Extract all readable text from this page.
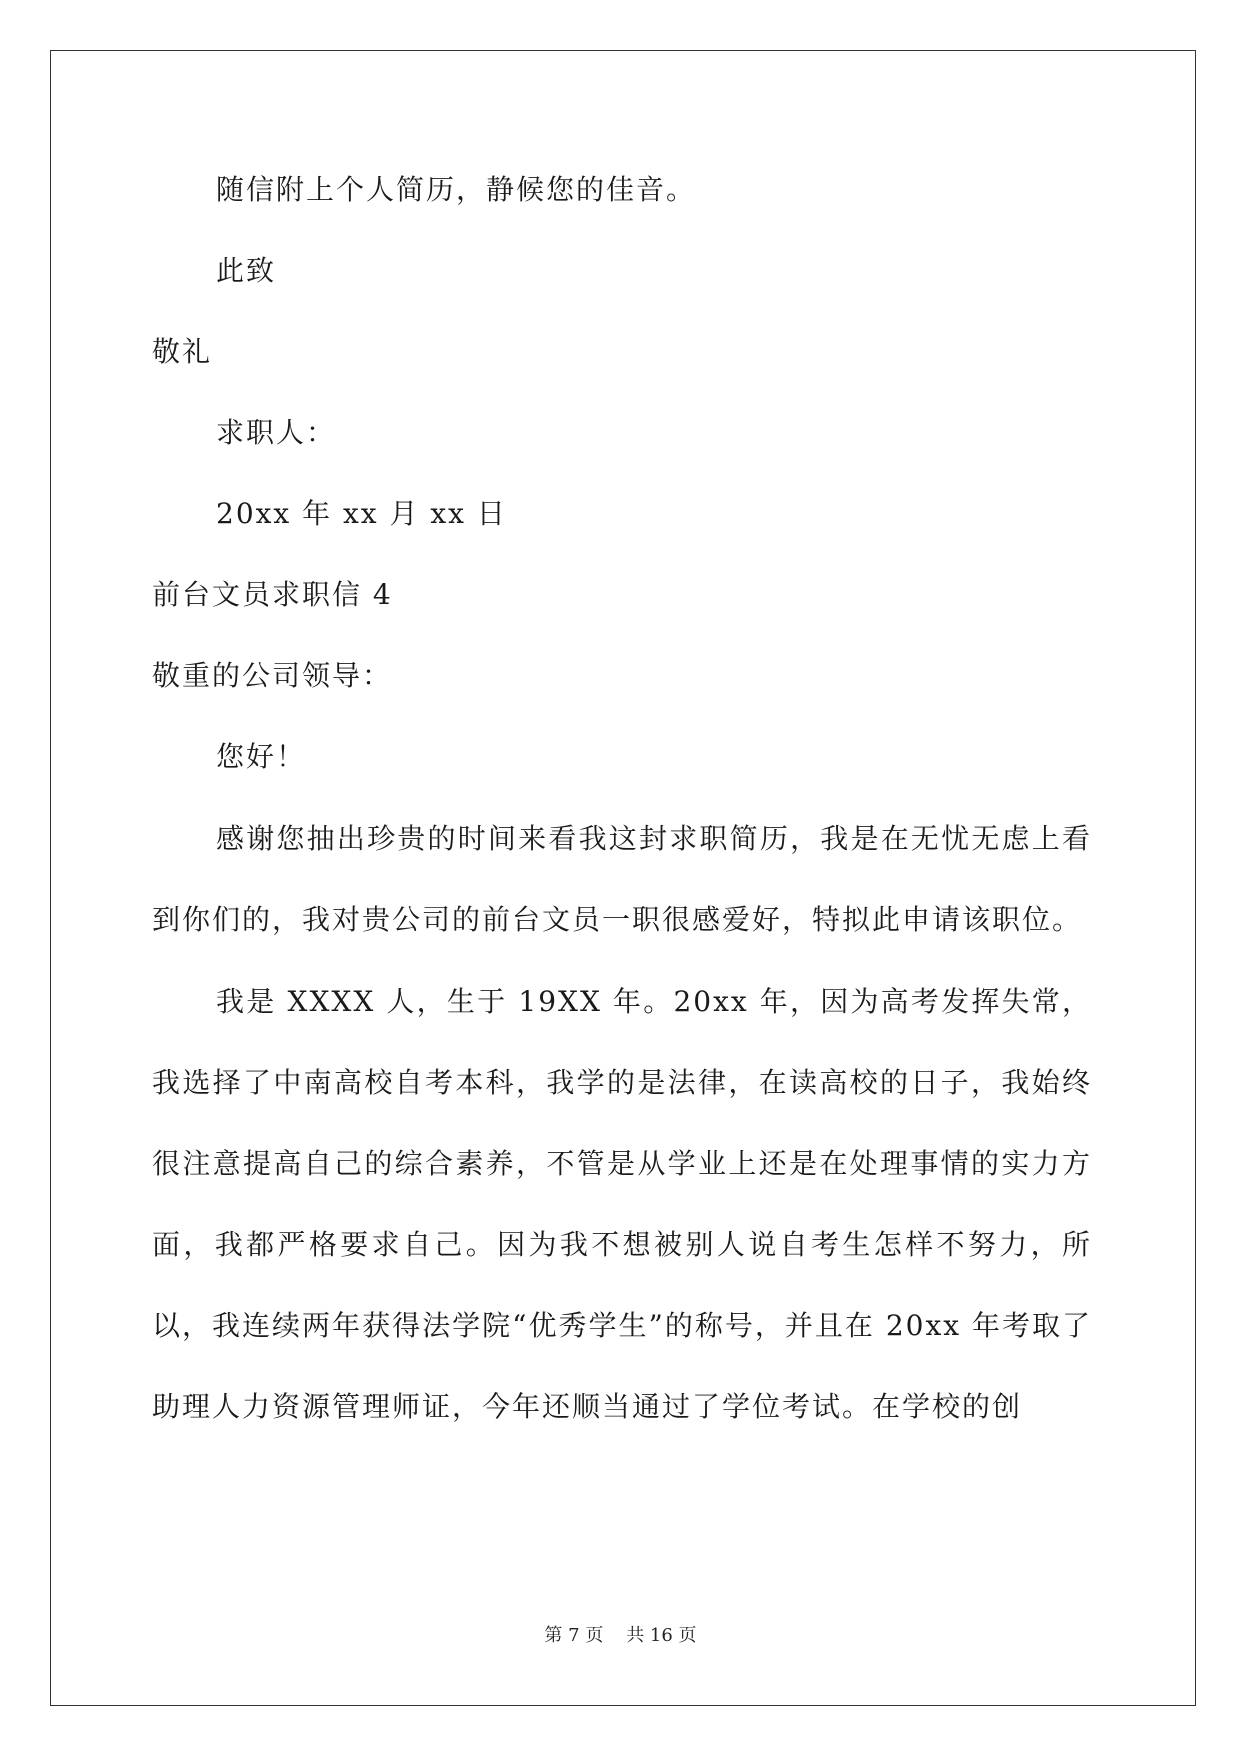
随信附上个人简历，静候您的佳音。
此致
敬礼
求职人：
20xx 年 xx 月 xx 日
前台文员求职信 4
敬重的公司领导：
您好！

感谢您抽出珍贵的时间来看我这封求职简历，我是在无忧无虑上看到你们的，我对贵公司的前台文员一职很感爱好，特拟此申请该职位。

我是 XXXX 人，生于 19XX 年。20xx 年，因为高考发挥失常，我选择了中南高校自考本科，我学的是法律，在读高校的日子，我始终很注意提高自己的综合素养，不管是从学业上还是在处理事情的实力方面，我都严格要求自己。因为我不想被别人说自考生怎样不努力，所以，我连续两年获得法学院“优秀学生”的称号，并且在 20xx 年考取了助理人力资源管理师证，今年还顺当通过了学位考试。在学校的创

第 7 页    共 16 页
